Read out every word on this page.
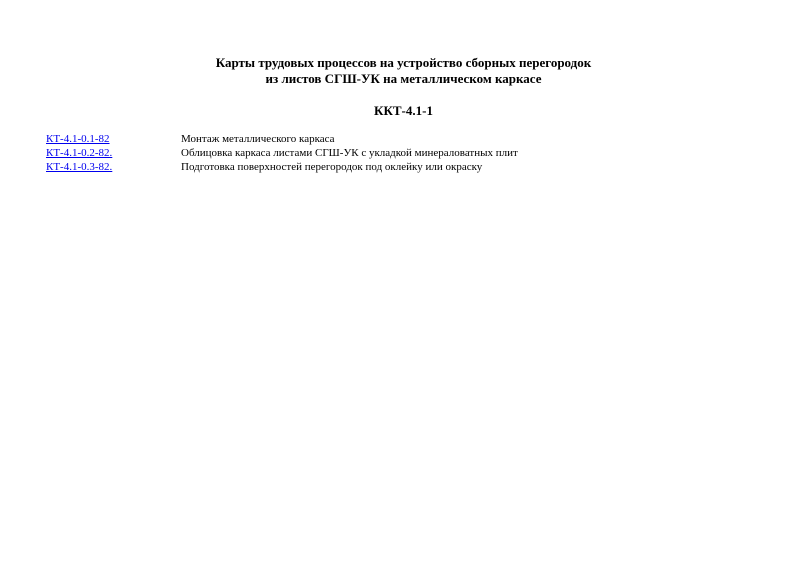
Карты трудовых процессов на устройство сборных перегородок
из листов СГШ-УК на металлическом каркасе
ККТ-4.1-1
КТ-4.1-0.1-82	Монтаж металлического каркаса
КТ-4.1-0.2-82.	Облицовка каркаса листами СГШ-УК с укладкой минераловатных плит
КТ-4.1-0.3-82.	Подготовка поверхностей перегородок под оклейку или окраску
